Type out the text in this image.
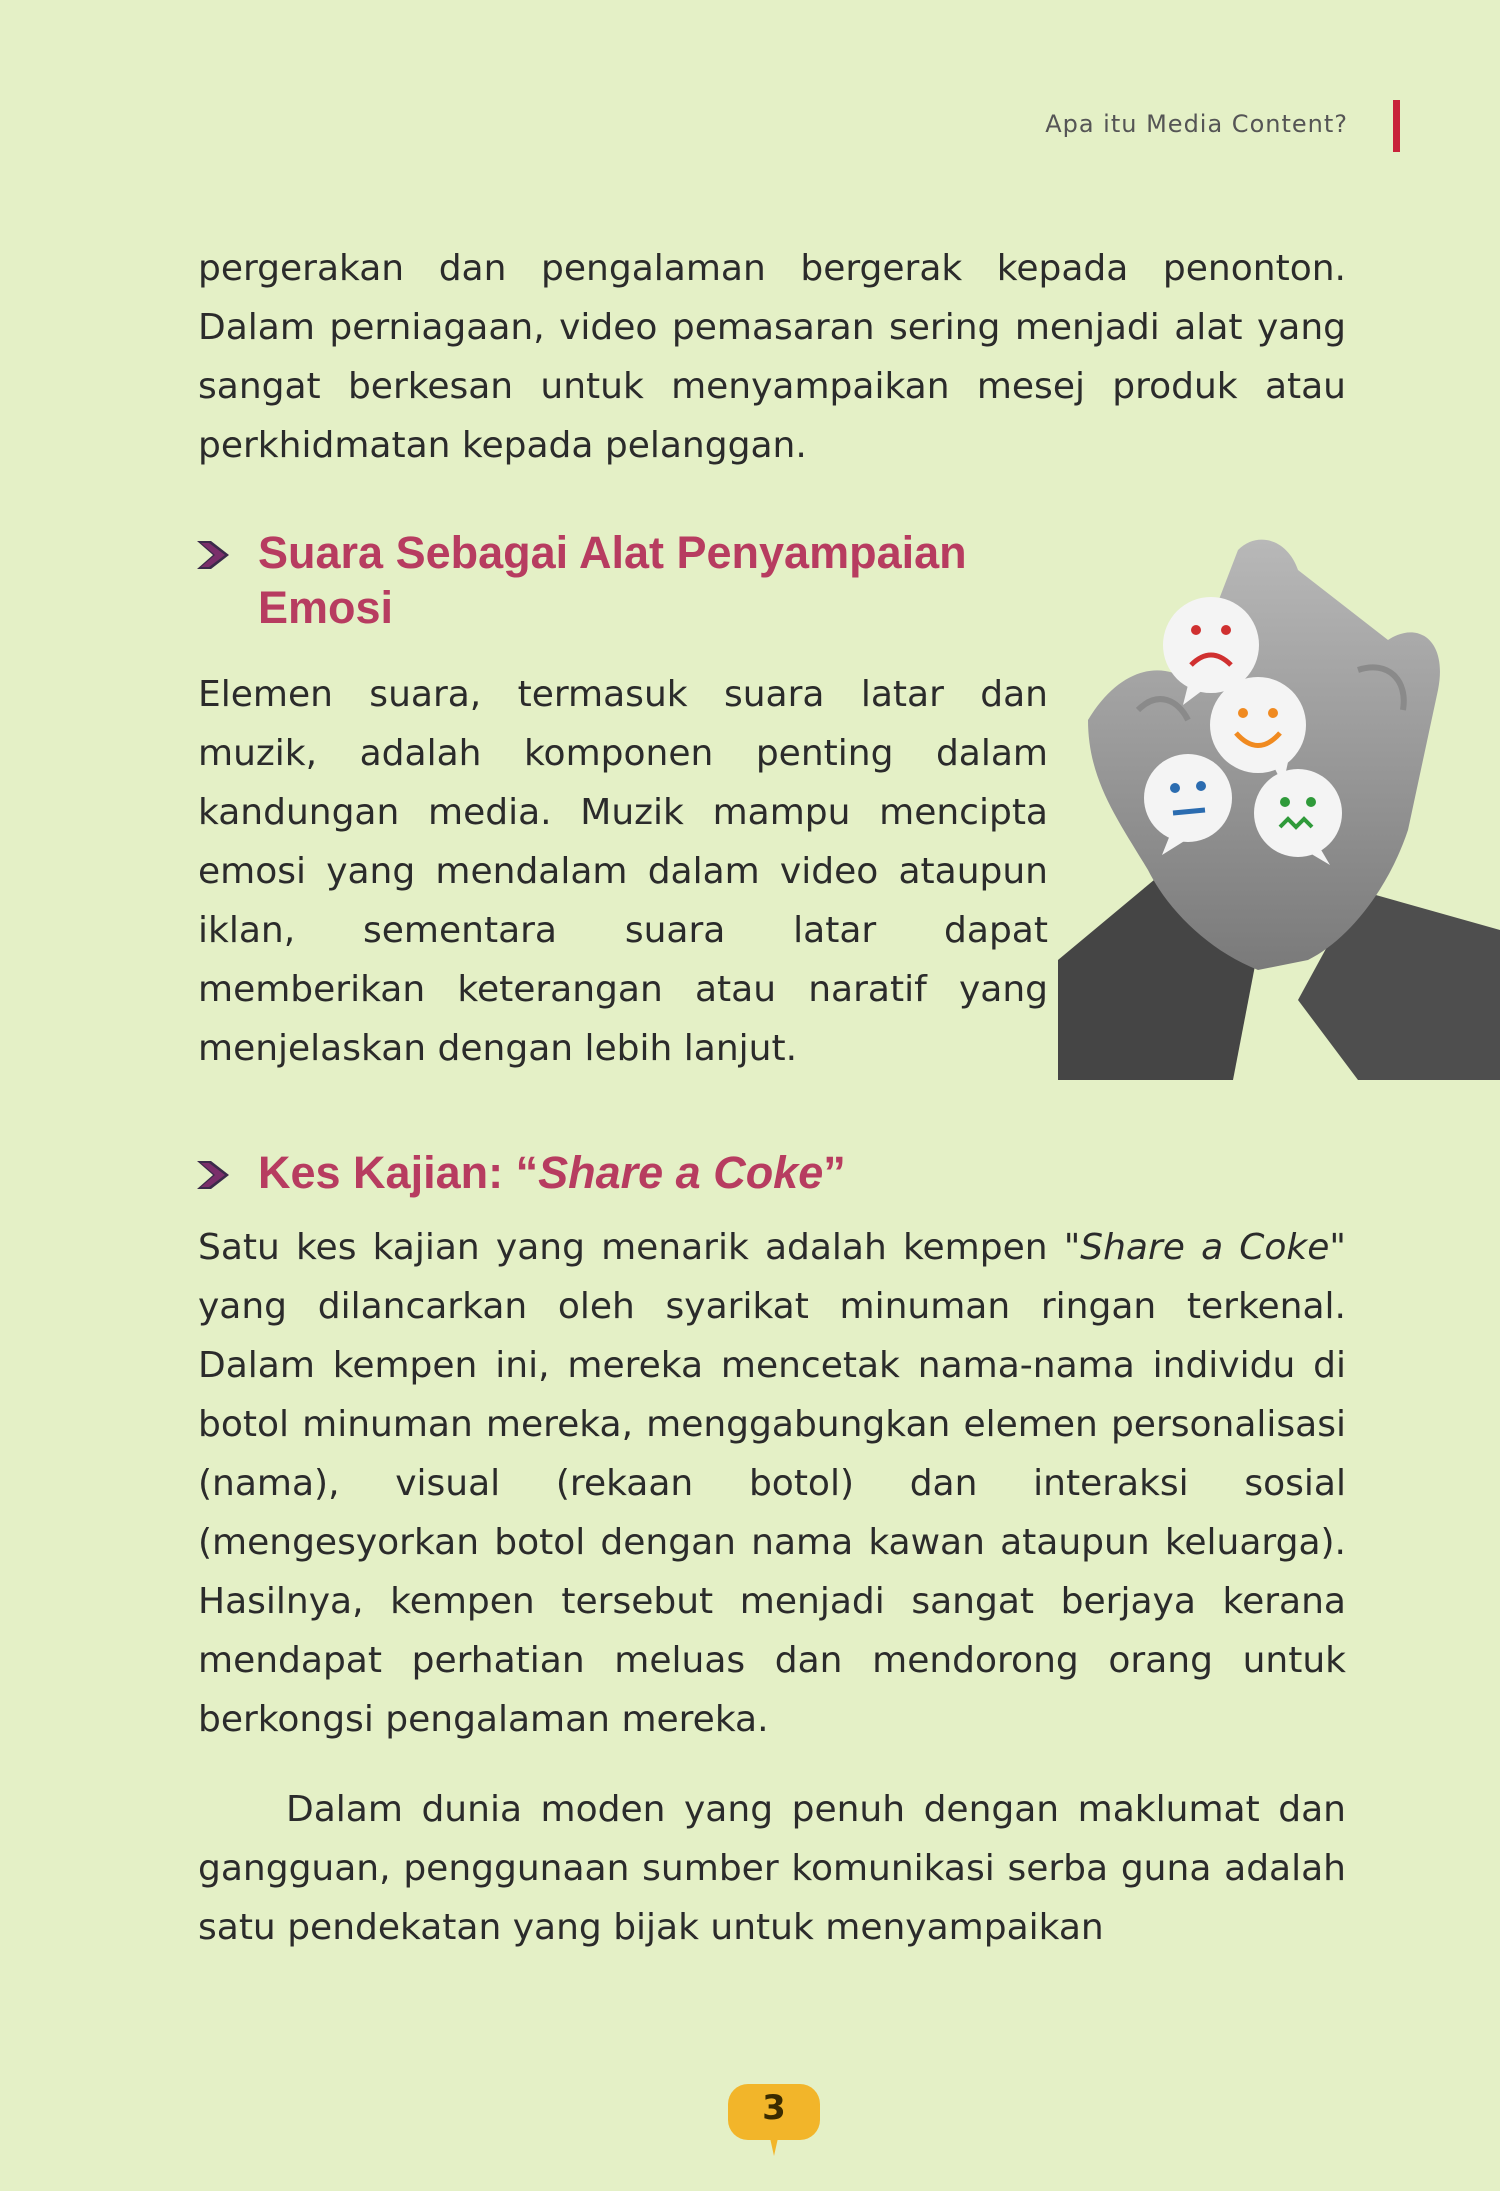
Apa itu Media Content?

pergerakan dan pengalaman bergerak kepada penonton. Dalam perniagaan, video pemasaran sering menjadi alat yang sangat berkesan untuk menyampaikan mesej produk atau perkhidmatan kepada pelanggan.

Suara Sebagai Alat Penyampaian
Emosi

Elemen suara, termasuk suara latar dan muzik, adalah komponen penting dalam kandungan media. Muzik mampu mencipta emosi yang mendalam dalam video ataupun iklan, sementara suara latar dapat memberikan keterangan atau naratif yang menjelaskan dengan lebih lanjut.

Kes Kajian: “Share a Coke”

Satu kes kajian yang menarik adalah kempen "Share a Coke" yang dilancarkan oleh syarikat minuman ringan terkenal. Dalam kempen ini, mereka mencetak nama-nama individu di botol minuman mereka, menggabungkan elemen personalisasi (nama), visual (rekaan botol) dan interaksi sosial (mengesyorkan botol dengan nama kawan ataupun keluarga). Hasilnya, kempen tersebut menjadi sangat berjaya kerana mendapat perhatian meluas dan mendorong orang untuk berkongsi pengalaman mereka.

Dalam dunia moden yang penuh dengan maklumat dan gangguan, penggunaan sumber komunikasi serba guna adalah satu pendekatan yang bijak untuk menyampaikan

3
